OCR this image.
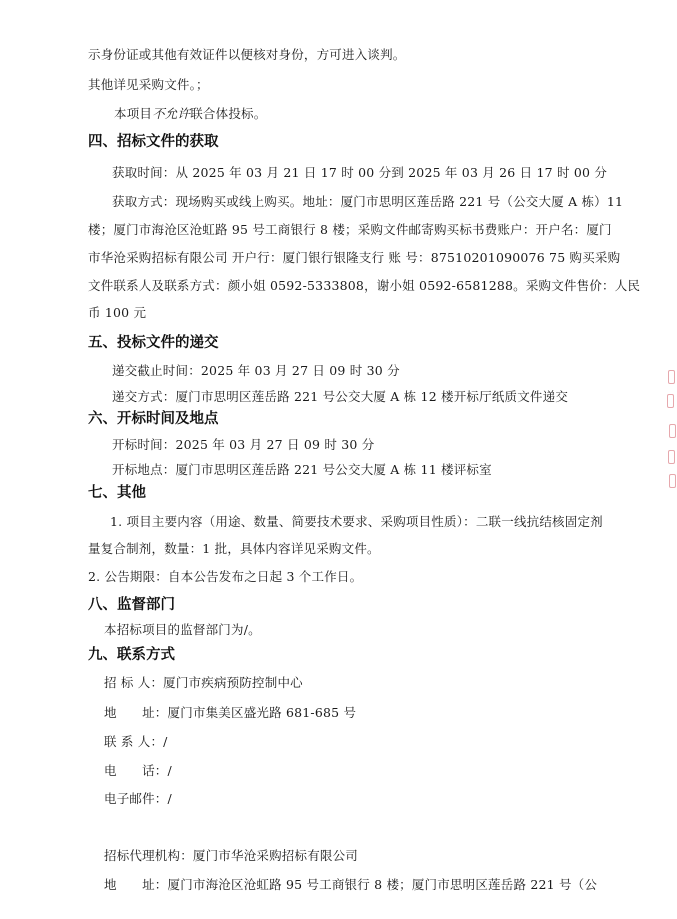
示身份证或其他有效证件以便核对身份，方可进入谈判。
其他详见采购文件。；
本项目不允许联合体投标。
四、招标文件的获取
获取时间：从 2025 年 03 月 21 日 17 时 00 分到 2025 年 03 月 26 日 17 时 00 分
获取方式：现场购买或线上购买。地址：厦门市思明区莲岳路 221 号（公交大厦 A 栋）11
楼；厦门市海沧区沧虹路 95 号工商银行 8 楼；采购文件邮寄购买标书费账户：开户名：厦门
市华沧采购招标有限公司 开户行：厦门银行银隆支行 账 号：87510201090076 75 购买采购
文件联系人及联系方式：颜小姐 0592-5333808，谢小姐 0592-6581288。采购文件售价：人民
币 100 元
五、投标文件的递交
递交截止时间：2025 年 03 月 27 日 09 时 30 分
递交方式：厦门市思明区莲岳路 221 号公交大厦 A 栋 12 楼开标厅纸质文件递交
六、开标时间及地点
开标时间：2025 年 03 月 27 日 09 时 30 分
开标地点：厦门市思明区莲岳路 221 号公交大厦 A 栋 11 楼评标室
七、其他
1. 项目主要内容（用途、数量、简要技术要求、采购项目性质）：二联一线抗结核固定剂
量复合制剂，数量：1 批，具体内容详见采购文件。
2. 公告期限：自本公告发布之日起 3 个工作日。
八、监督部门
本招标项目的监督部门为/。
九、联系方式
招 标 人：厦门市疾病预防控制中心
地　　址：厦门市集美区盛光路 681-685 号
联 系 人：/
电　　话：/
电子邮件：/
招标代理机构：厦门市华沧采购招标有限公司
地　　址：厦门市海沧区沧虹路 95 号工商银行 8 楼；厦门市思明区莲岳路 221 号（公
